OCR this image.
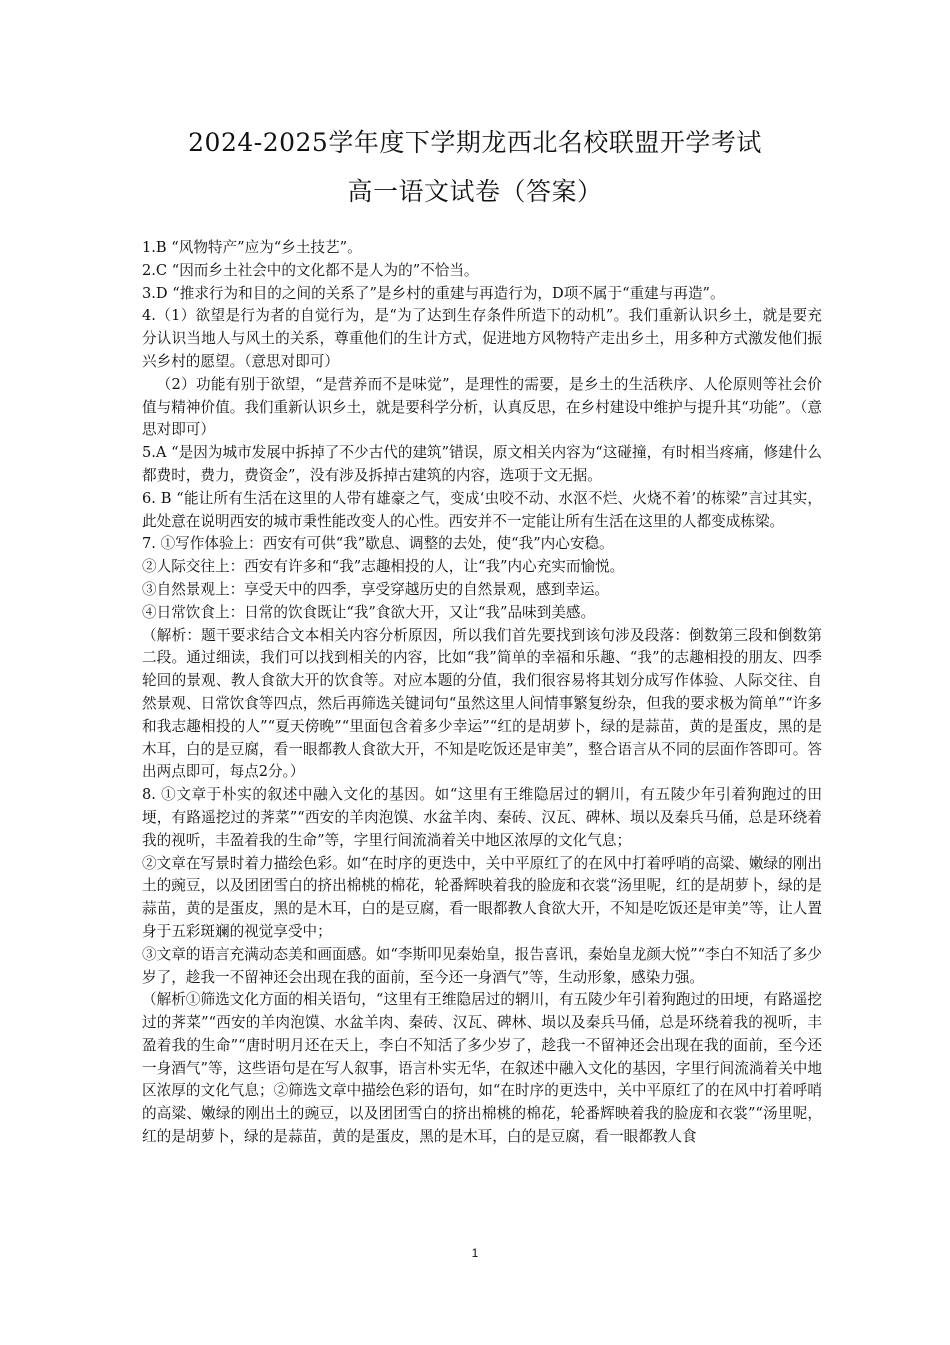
2024-2025学年度下学期龙西北名校联盟开学考试
高一语文试卷（答案）

1.B “风物特产”应为“乡土技艺”。

2.C “因而乡土社会中的文化都不是人为的”不恰当。

3.D “推求行为和目的之间的关系了”是乡村的重建与再造行为，D项不属于“重建与再造”。

4.（1）欲望是行为者的自觉行为，是“为了达到生存条件所造下的动机”。我们重新认识乡土，就是要充分认识当地人与风土的关系，尊重他们的生计方式，促进地方风物特产走出乡土，用多种方式激发他们振兴乡村的愿望。（意思对即可）

（2）功能有别于欲望，“是营养而不是味觉”，是理性的需要，是乡土的生活秩序、人伦原则等社会价值与精神价值。我们重新认识乡土，就是要科学分析，认真反思，在乡村建设中维护与提升其“功能”。（意思对即可）

5.A “是因为城市发展中拆掉了不少古代的建筑”错误，原文相关内容为“这碰撞，有时相当疼痛，修建什么都费时，费力，费资金”，没有涉及拆掉古建筑的内容，选项于文无据。

6. B “能让所有生活在这里的人带有雄豪之气，变成‘虫咬不动、水沤不烂、火烧不着’的栋梁”言过其实，此处意在说明西安的城市秉性能改变人的心性。西安并不一定能让所有生活在这里的人都变成栋梁。

7. ①写作体验上：西安有可供“我”歇息、调整的去处，使“我”内心安稳。

②人际交往上：西安有许多和“我”志趣相投的人，让“我”内心充实而愉悦。

③自然景观上：享受天中的四季，享受穿越历史的自然景观，感到幸运。

④日常饮食上：日常的饮食既让“我”食欲大开，又让“我”品味到美感。

（解析：题干要求结合文本相关内容分析原因，所以我们首先要找到该句涉及段落：倒数第三段和倒数第二段。通过细读，我们可以找到相关的内容，比如“我”简单的幸福和乐趣、“我”的志趣相投的朋友、四季轮回的景观、教人食欲大开的饮食等。对应本题的分值，我们很容易将其划分成写作体验、人际交往、自然景观、日常饮食等四点，然后再筛选关键词句“虽然这里人间情事繁复纷杂，但我的要求极为简单”“许多和我志趣相投的人”“夏天傍晚”“里面包含着多少幸运”“红的是胡萝卜，绿的是蒜苗，黄的是蛋皮，黑的是木耳，白的是豆腐，看一眼都教人食欲大开，不知是吃饭还是审美”，整合语言从不同的层面作答即可。答出两点即可，每点2分。）

8. ①文章于朴实的叙述中融入文化的基因。如“这里有王维隐居过的辋川，有五陵少年引着狗跑过的田埂，有路遥挖过的荠菜”“西安的羊肉泡馍、水盆羊肉、秦砖、汉瓦、碑林、埙以及秦兵马俑，总是环绕着我的视听，丰盈着我的生命”等，字里行间流淌着关中地区浓厚的文化气息；

②文章在写景时着力描绘色彩。如“在时序的更迭中，关中平原红了的在风中打着呼哨的高粱、嫩绿的刚出土的豌豆，以及团团雪白的挤出棉桃的棉花，轮番辉映着我的脸庞和衣裳“汤里呢，红的是胡萝卜，绿的是蒜苗，黄的是蛋皮，黑的是木耳，白的是豆腐，看一眼都教人食欲大开，不知是吃饭还是审美”等，让人置身于五彩斑斓的视觉享受中；

③文章的语言充满动态美和画面感。如“李斯叩见秦始皇，报告喜讯，秦始皇龙颜大悦”“李白不知活了多少岁了，趁我一不留神还会出现在我的面前，至今还一身酒气”等，生动形象，感染力强。

（解析①筛选文化方面的相关语句，“这里有王维隐居过的辋川，有五陵少年引着狗跑过的田埂，有路遥挖过的荠菜”“西安的羊肉泡馍、水盆羊肉、秦砖、汉瓦、碑林、埙以及秦兵马俑，总是环绕着我的视听，丰盈着我的生命”“唐时明月还在天上，李白不知活了多少岁了，趁我一不留神还会出现在我的面前，至今还一身酒气”等，这些语句是在写人叙事，语言朴实无华，在叙述中融入文化的基因，字里行间流淌着关中地区浓厚的文化气息；②筛选文章中描绘色彩的语句，如“在时序的更迭中，关中平原红了的在风中打着呼哨的高粱、嫩绿的刚出土的豌豆，以及团团雪白的挤出棉桃的棉花，轮番辉映着我的脸庞和衣裳”“汤里呢，红的是胡萝卜，绿的是蒜苗，黄的是蛋皮，黑的是木耳，白的是豆腐，看一眼都教人食

1
